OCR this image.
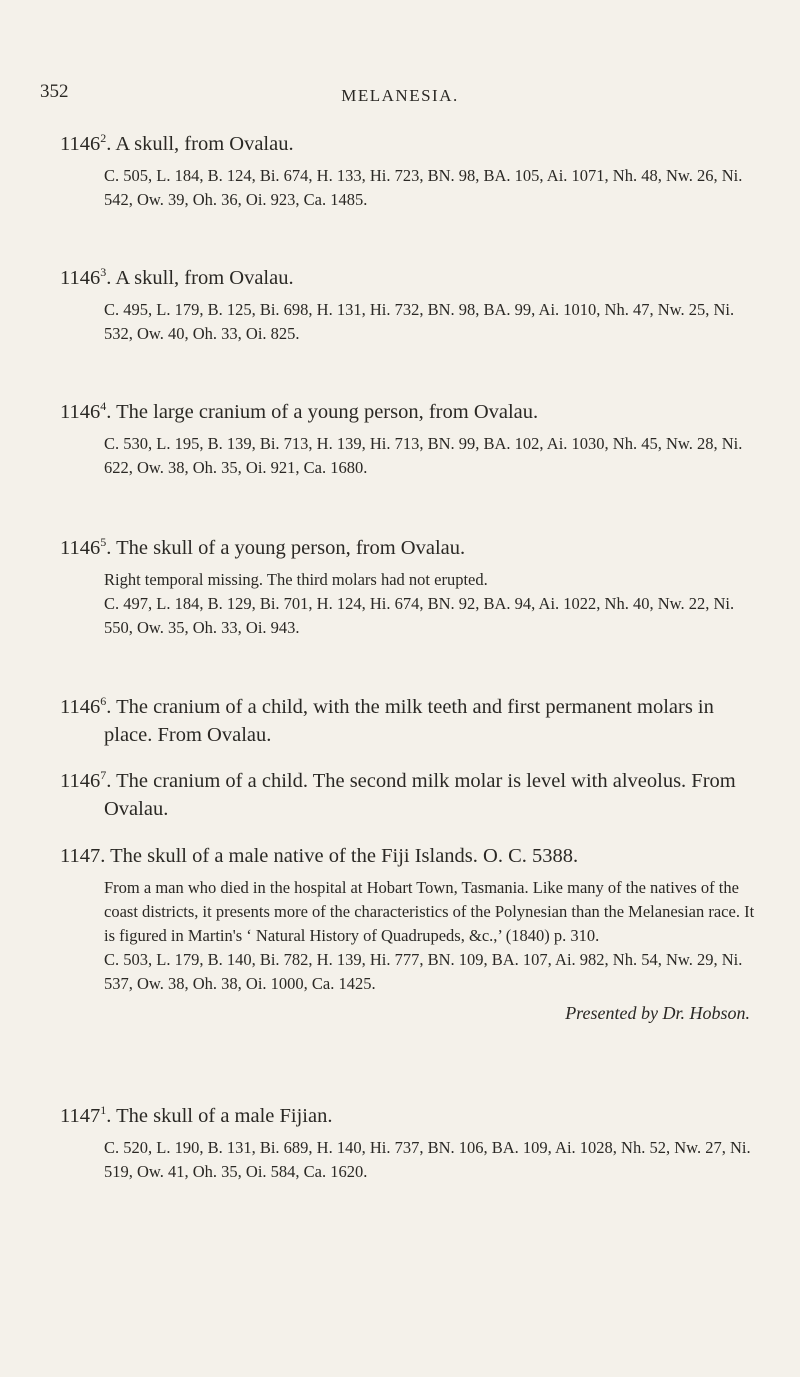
352	MELANESIA.
1146$^2$. A skull, from Ovalau.
C. 505, L. 184, B. 124, Bi. 674, H. 133, Hi. 723, BN. 98, BA. 105, Ai. 1071, Nh. 48, Nw. 26, Ni. 542, Ow. 39, Oh. 36, Oi. 923, Ca. 1485.
1146$^3$. A skull, from Ovalau.
C. 495, L. 179, B. 125, Bi. 698, H. 131, Hi. 732, BN. 98, BA. 99, Ai. 1010, Nh. 47, Nw. 25, Ni. 532, Ow. 40, Oh. 33, Oi. 825.
1146$^4$. The large cranium of a young person, from Ovalau.
C. 530, L. 195, B. 139, Bi. 713, H. 139, Hi. 713, BN. 99, BA. 102, Ai. 1030, Nh. 45, Nw. 28, Ni. 622, Ow. 38, Oh. 35, Oi. 921, Ca. 1680.
1146$^5$. The skull of a young person, from Ovalau.
Right temporal missing. The third molars had not erupted.
C. 497, L. 184, B. 129, Bi. 701, H. 124, Hi. 674, BN. 92, BA. 94, Ai. 1022, Nh. 40, Nw. 22, Ni. 550, Ow. 35, Oh. 33, Oi. 943.
1146$^6$. The cranium of a child, with the milk teeth and first permanent molars in place. From Ovalau.
1146$^7$. The cranium of a child. The second milk molar is level with alveolus. From Ovalau.
1147. The skull of a male native of the Fiji Islands. O. C. 5388.
From a man who died in the hospital at Hobart Town, Tasmania. Like many of the natives of the coast districts, it presents more of the characteristics of the Polynesian than the Melanesian race. It is figured in Martin's ‘ Natural History of Quadrupeds, &c.,’ (1840) p. 310.
C. 503, L. 179, B. 140, Bi. 782, H. 139, Hi. 777, BN. 109, BA. 107, Ai. 982, Nh. 54, Nw. 29, Ni. 537, Ow. 38, Oh. 38, Oi. 1000, Ca. 1425.
Presented by Dr. Hobson.
1147$^1$. The skull of a male Fijian.
C. 520, L. 190, B. 131, Bi. 689, H. 140, Hi. 737, BN. 106, BA. 109, Ai. 1028, Nh. 52, Nw. 27, Ni. 519, Ow. 41, Oh. 35, Oi. 584, Ca. 1620.
